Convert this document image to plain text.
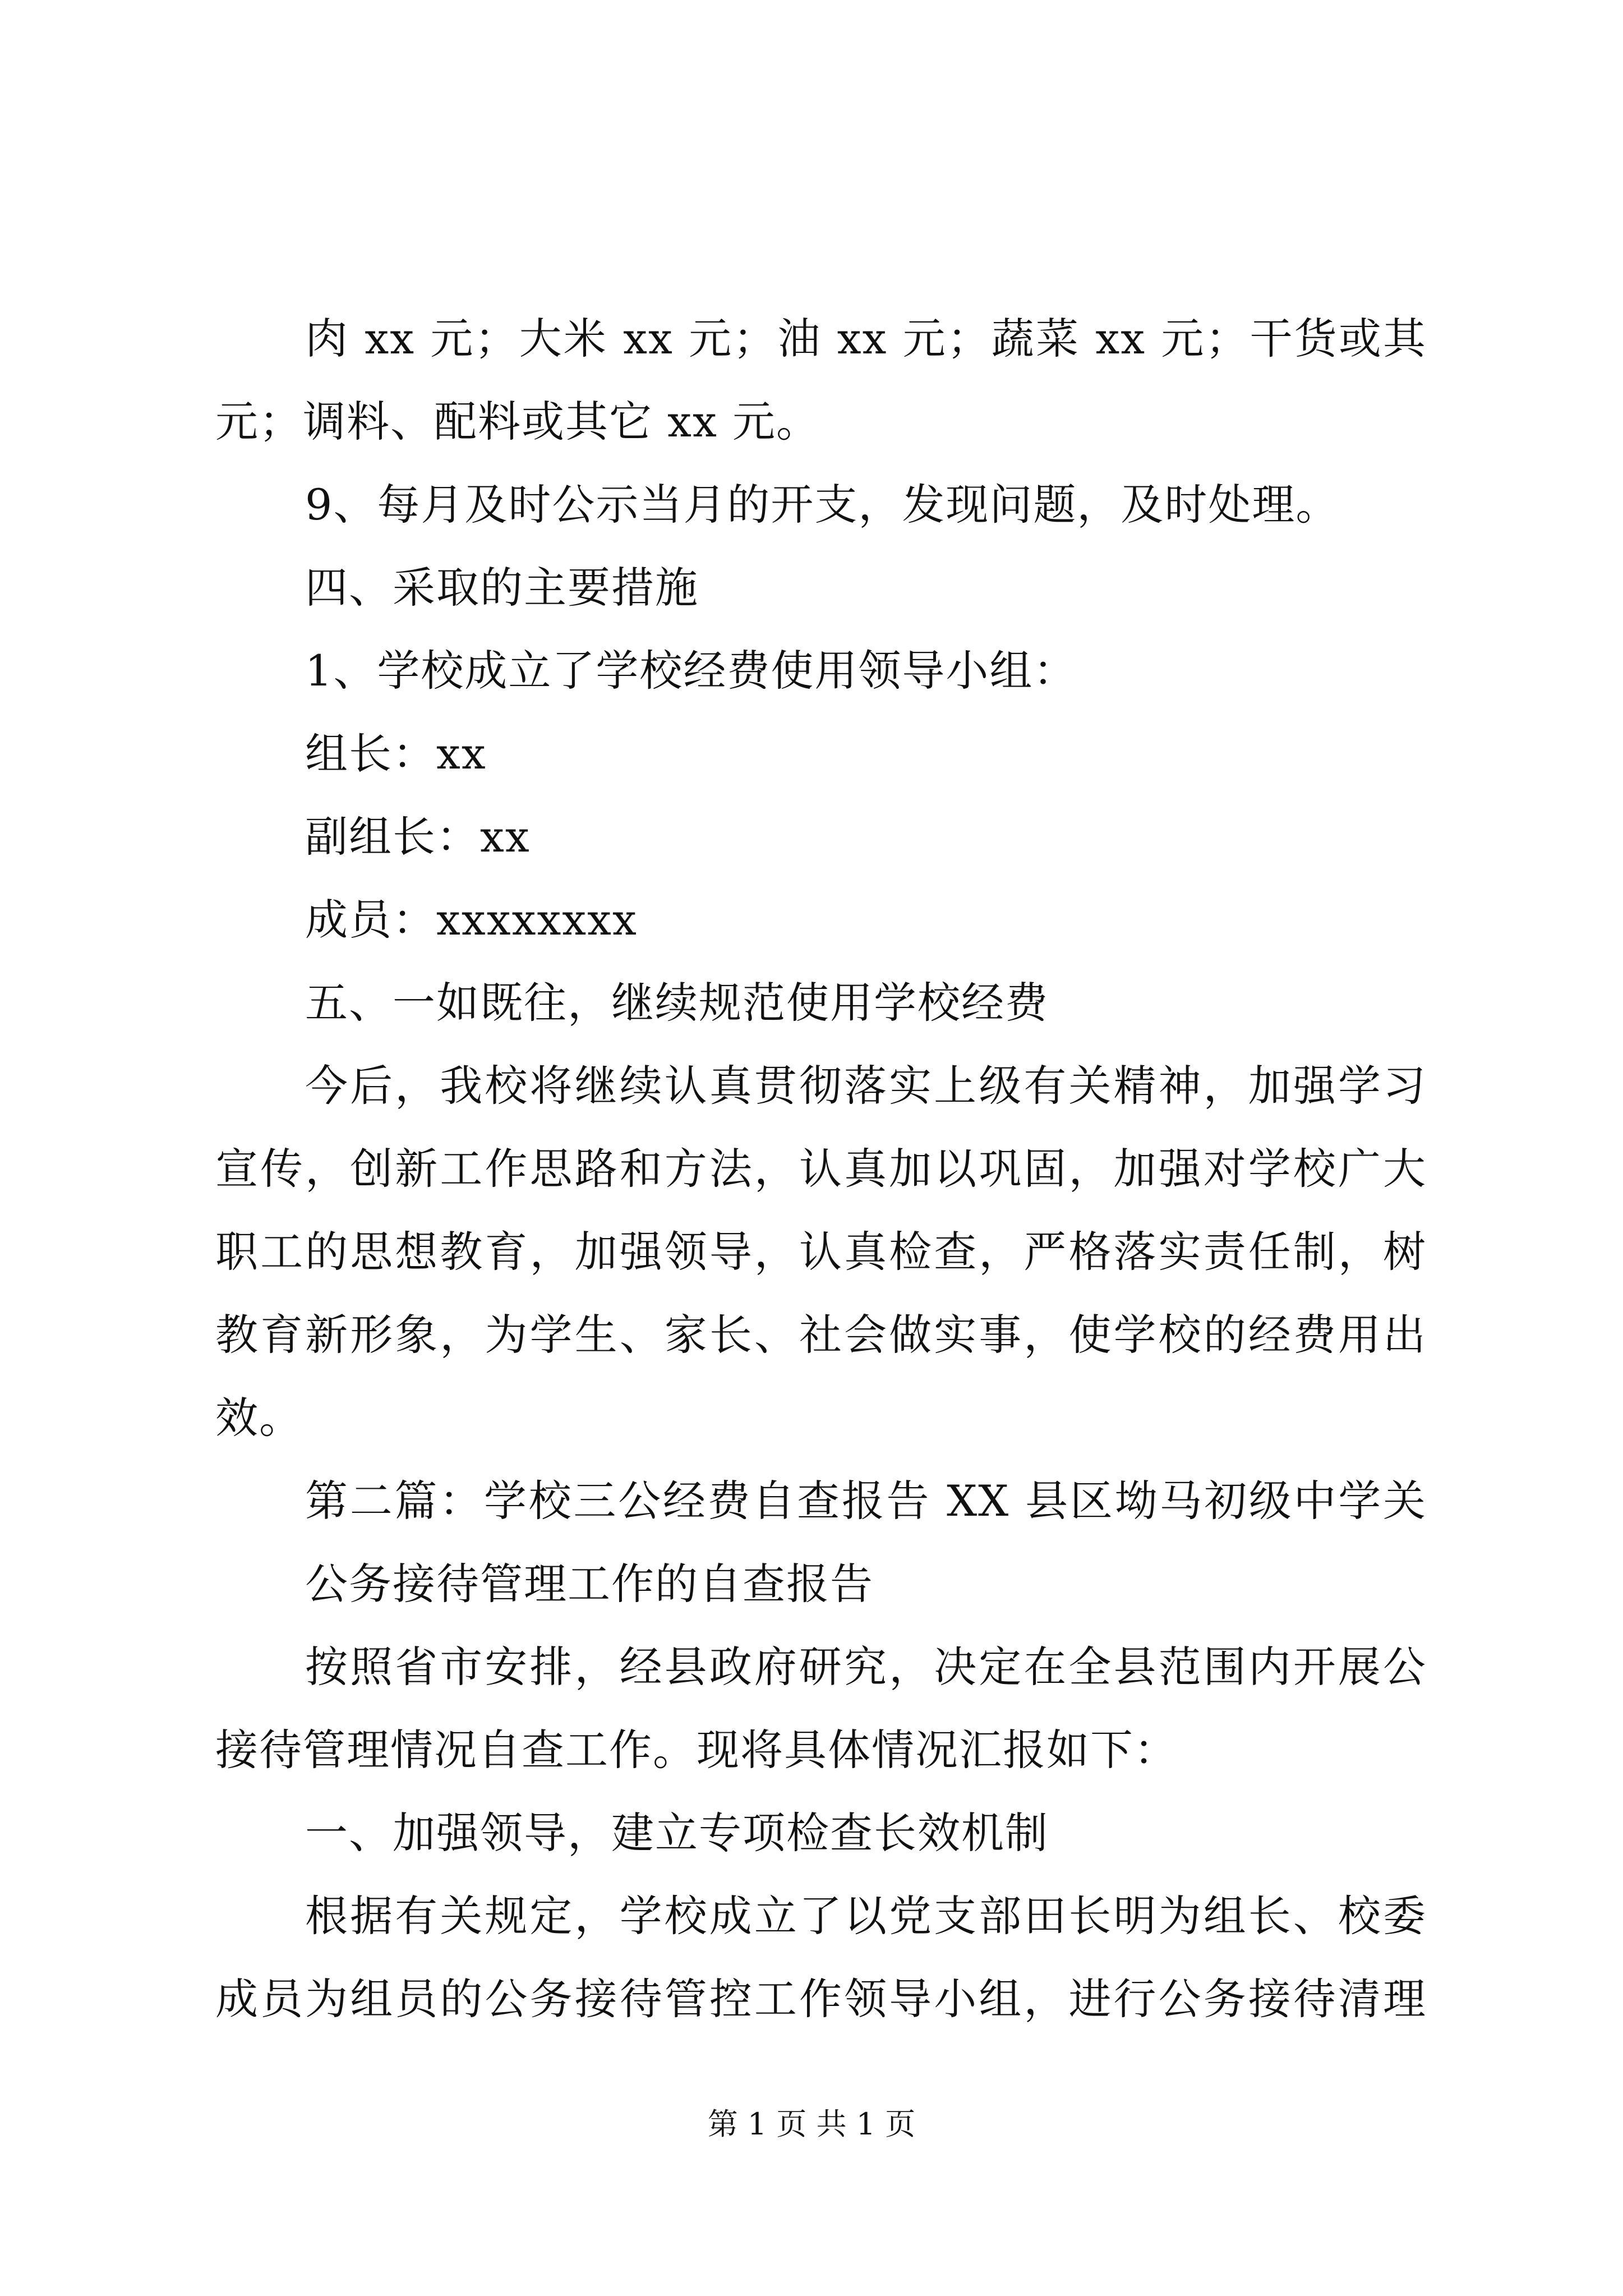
肉 xx 元；大米 xx 元；油 xx 元；蔬菜 xx 元；干货或其
元；调料、配料或其它 xx 元。
9、每月及时公示当月的开支，发现问题，及时处理。
四、采取的主要措施
1、学校成立了学校经费使用领导小组：
组长：xx
副组长：xx
成员：xxxxxxxx
五、一如既往，继续规范使用学校经费
今后，我校将继续认真贯彻落实上级有关精神，加强学习
宣传，创新工作思路和方法，认真加以巩固，加强对学校广大
职工的思想教育，加强领导，认真检查，严格落实责任制，树
教育新形象，为学生、家长、社会做实事，使学校的经费用出
效。
第二篇：学校三公经费自查报告 XX 县区坳马初级中学关
公务接待管理工作的自查报告
按照省市安排，经县政府研究，决定在全县范围内开展公
接待管理情况自查工作。现将具体情况汇报如下：
一、加强领导，建立专项检查长效机制
根据有关规定，学校成立了以党支部田长明为组长、校委
成员为组员的公务接待管控工作领导小组，进行公务接待清理
第 1 页 共 1 页
